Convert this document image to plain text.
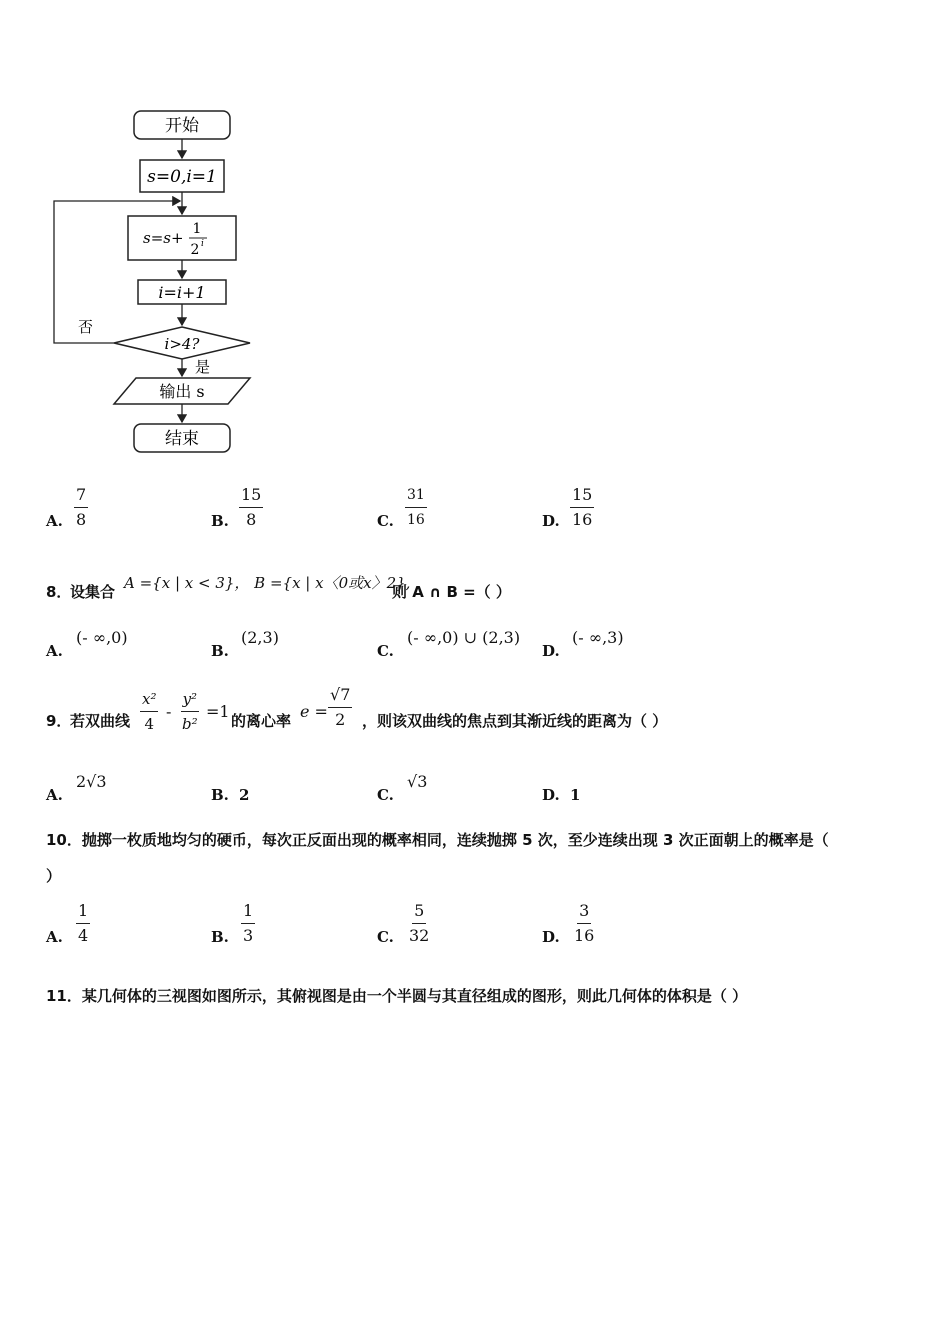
开始
s=0,i=1
s=s+ 1
2 i
i=i+1
i>4?
否
是
输出 s
结束
A. $\frac{7}{8}$	B. $\frac{15}{8}$	C. $\frac{31}{16}$	D. $\frac{15}{16}$
8．
设集合 A ={x | x < 3}， B ={x | x〈0或x〉2},
则 A ∩ B =（ ）
A.
(- ∞,0)
B.
(2,3)
C.
(- ∞,0) ∪ (2,3)
D.
(- ∞,3)
9．
若双曲线 $\frac{\text{x²}}{4} - \frac{\text{y²}}{\text{b²}} =1$ 的离心率 $e = \frac{√7}{2}$ ，则该双曲线的焦点到其渐近线的距离为（ ）
A.
2√3
B. 2	C.
√3
D. 1
10．抛掷一枚质地均匀的硬币，每次正反面出现的概率相同，连续抛掷 5 次，至少连续出现 3 次正面朝上的概率是（
）
A. $\frac{1}{4}$	B. $\frac{1}{3}$	C. $\frac{5}{32}$	D. $\frac{3}{16}$
11．某几何体的三视图如图所示，其俯视图是由一个半圆与其直径组成的图形，则此几何体的体积是（ ）
